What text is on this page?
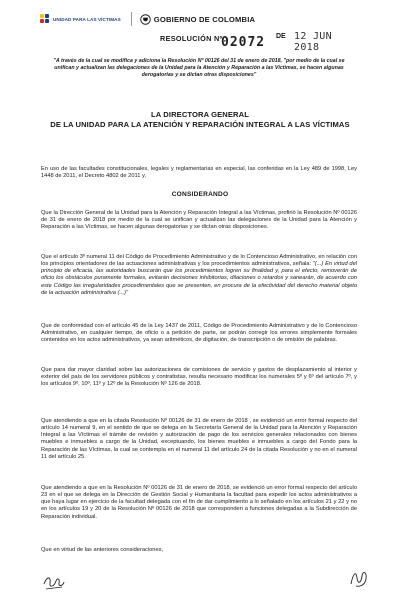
UNIDAD PARA LAS VÍCTIMAS	GOBIERNO DE COLOMBIA
RESOLUCIÓN Nº
02072 DE 12 JUN 2018
"A través de la cual se modifica y adiciona la Resolución Nº 00126 del 31 de enero de 2018, "por medio de la cual se unifican y actualizan las delegaciones de la Unidad para la Atención y Reparación a las Víctimas, se hacen algunas derogatorias y se dictan otras disposiciones"
LA DIRECTORA GENERAL
DE LA UNIDAD PARA LA ATENCIÓN Y REPARACIÓN INTEGRAL A LAS VÍCTIMAS
En uso de las facultades constitucionales, legales y reglamentarias en especial, las conferidas en la Ley 489 de 1998, Ley 1448 de 2011, el Decreto 4802 de 2011 y,
CONSIDERANDO
Que la Dirección General de la Unidad para la Atención y Reparación Integral a las Víctimas, profirió la Resolución Nº 00126 de 31 de enero de 2018 por medio de la cual se unifican y actualizan las delegaciones de la Unidad para la Atención y Reparación a las Víctimas, se hacen algunas derogatorias y se dictan otras disposiciones.
Que el artículo 3º numeral 11 del Código de Procedimiento Administrativo y de lo Contencioso Administrativo, en relación con los principios orientadores de las actuaciones administrativas y los procedimientos administrativos, señala: "(...) En virtud del principio de eficacia, las autoridades buscarán que los procedimientos logren su finalidad y, para el efecto, removerán de oficio los obstáculos puramente formales, evitarán decisiones inhibitorias, dilaciones o retardos y sanearán, de acuerdo con este Código las irregularidades procedimentales que se presenten, en procura de la efectividad del derecho material objeto de la actuación administrativa (...)"
Que de conformidad con el artículo 45 de la Ley 1437 de 2011, Código de Procedimiento Administrativo y de lo Contencioso Administrativo, en cualquier tiempo, de oficio o a petición de parte, se podrán corregir los errores simplemente formales contenidos en los actos administrativos, ya sean aritméticos, de digitación, de transcripción o de omisión de palabras.
Que para dar mayor claridad sobre las autorizaciones de comisiones de servicio y gastos de desplazamiento al interior y exterior del país de los servidores públicos y contratistas, resulta necesario modificar los numerales 5º y 6º del artículo 7º, y los artículos 9º, 10º, 11º y 12º de la Resolución Nº 126 de 2018.
Que atendiendo a que en la citada Resolución Nº 00126 de 31 de enero de 2018 , se evidenció un error formal respecto del artículo 14 numeral 9, en el sentido de que se delega en la Secretaría General de la Unidad para la Atención y Reparación Integral a las Víctimas el trámite de revisión y autorización de pago de los servicios generales relacionados con bienes muebles e inmuebles a cargo de la Unidad, exceptuando, los bienes muebles e inmuebles a cargo del Fondo para la Reparación de las Víctimas, la cual se contempla en el numeral 11 del artículo 24 de la citada Resolución y no en el numeral 11 del artículo 25.
Que atendiendo a que en la Resolución Nº 00126 de 31 de enero de 2018, se evidenció un error formal respecto del artículo 23 en el que se delega en la Dirección de Gestión Social y Humanitaria la facultad para expedir los actos administrativos a que haya lugar en ejercicio de la facultad delegada con el fin de dar cumplimiento a lo señalado en los artículos 21 y 22 y no en los artículos 19 y 20 de la Resolución Nº 00126 de 2018 que corresponden a funciones delegadas a la Subdirección de Reparación individual.
Que en virtud de las anteriores consideraciones,
